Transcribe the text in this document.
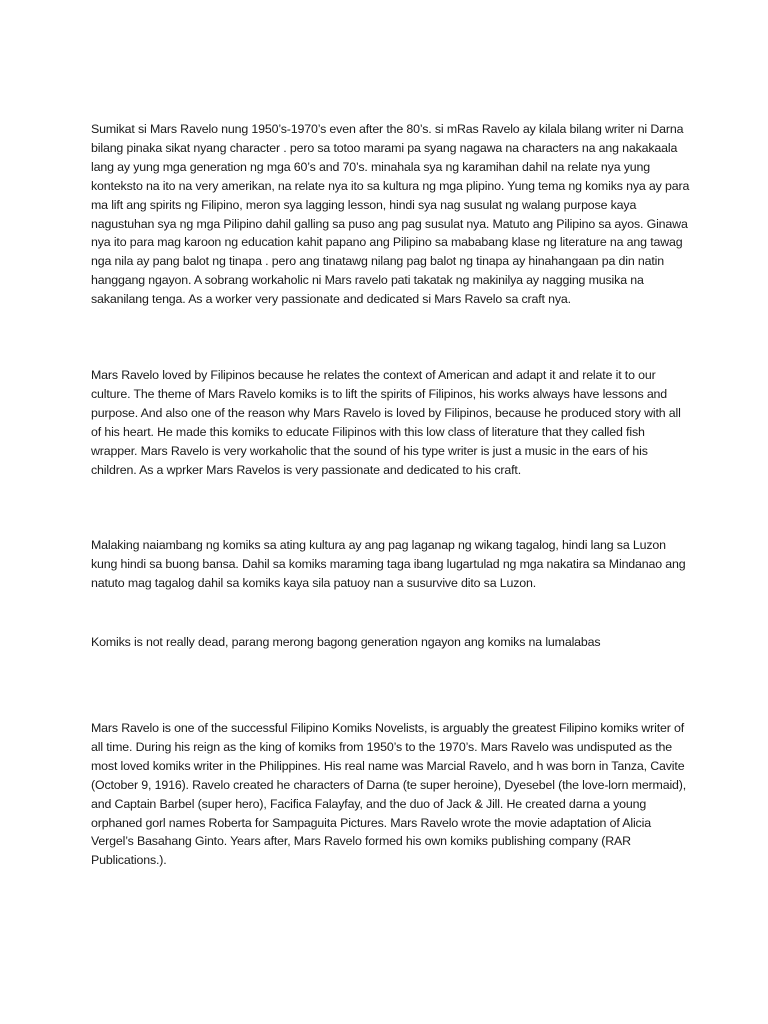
Sumikat si Mars Ravelo nung 1950’s-1970’s even after the 80’s. si mRas Ravelo ay kilala bilang writer ni Darna bilang pinaka sikat nyang character . pero sa totoo marami pa syang nagawa na characters na ang nakakaala lang ay yung mga generation ng mga 60’s and 70’s. minahala sya ng karamihan dahil na relate nya yung konteksto na ito na very amerikan, na relate nya ito sa kultura ng mga plipino. Yung tema ng komiks nya ay para ma lift ang spirits ng Filipino, meron sya lagging lesson, hindi sya nag susulat ng walang purpose kaya nagustuhan sya ng mga Pilipino dahil galling sa puso ang pag susulat nya. Matuto ang Pilipino sa ayos. Ginawa nya ito para mag karoon ng education kahit papano ang Pilipino sa mababang klase ng literature na ang tawag nga nila ay pang balot ng tinapa . pero ang tinatawg nilang pag balot ng tinapa ay hinahangaan pa din natin hanggang ngayon. A sobrang workaholic ni Mars ravelo pati takatak ng makinilya ay nagging musika na sakanilang tenga. As a worker very passionate and dedicated si Mars Ravelo sa craft nya.

Mars Ravelo loved by Filipinos because he relates the context of American and adapt it and relate it to our culture. The theme of Mars Ravelo komiks is to lift the spirits of Filipinos, his works always have lessons and purpose. And also one of the reason why Mars Ravelo is loved by Filipinos, because he produced story with all of his heart. He made this komiks to educate Filipinos with this low class of literature that they called fish wrapper. Mars Ravelo is very workaholic that the sound of his type writer is just a music in the ears of his children. As a wprker Mars Ravelos is very passionate and dedicated to his craft.

Malaking naiambang ng komiks sa ating kultura ay ang pag laganap ng wikang tagalog, hindi lang sa Luzon kung hindi sa buong bansa. Dahil sa komiks maraming taga ibang lugartulad ng mga nakatira sa Mindanao ang natuto mag tagalog dahil sa komiks kaya sila patuoy nan a susurvive dito sa Luzon.

Komiks is not really dead, parang merong bagong generation ngayon ang komiks na lumalabas

Mars Ravelo is one of the successful Filipino Komiks Novelists, is arguably the greatest Filipino komiks writer of all time. During his reign as the king of komiks from 1950’s to the 1970’s. Mars Ravelo was undisputed as the most loved komiks writer in the Philippines. His real name was Marcial Ravelo, and h was born in Tanza, Cavite (October 9, 1916). Ravelo created he characters of Darna (te super heroine), Dyesebel (the love-lorn mermaid), and Captain Barbel (super hero), Facifica Falayfay, and the duo of Jack & Jill. He created darna a young orphaned gorl names Roberta for Sampaguita Pictures. Mars Ravelo wrote the movie adaptation of Alicia Vergel’s Basahang Ginto. Years after, Mars Ravelo formed his own komiks publishing company (RAR Publications.).
